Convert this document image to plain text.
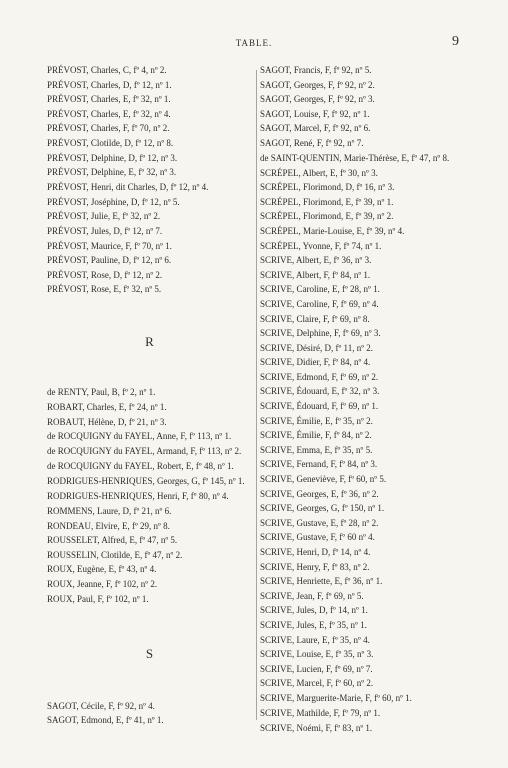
TABLE.	9
PRÉVOST, Charles, C, fº 4, nº 2.
PRÉVOST, Charles, D, fº 12, nº 1.
PRÉVOST, Charles, E, fº 32, nº 1.
PRÉVOST, Charles, E, fº 32, nº 4.
PRÉVOST, Charles, F, fº 70, nº 2.
PRÉVOST, Clotilde, D, fº 12, nº 8.
PRÉVOST, Delphine, D, fº 12, nº 3.
PRÉVOST, Delphine, E, fº 32, nº 3.
PRÉVOST, Henri, dit Charles, D, fº 12, nº 4.
PRÉVOST, Joséphine, D, fº 12, nº 5.
PRÉVOST, Julie, E, fº 32, nº 2.
PRÉVOST, Jules, D, fº 12, nº 7.
PRÉVOST, Maurice, F, fº 70, nº 1.
PRÉVOST, Pauline, D, fº 12, nº 6.
PRÉVOST, Rose, D, fº 12, nº 2.
PRÉVOST, Rose, E, fº 32, nº 5.
R
de RENTY, Paul, B, fº 2, nº 1.
ROBART, Charles, E, fº 24, nº 1.
ROBAUT, Hélène, D, fº 21, nº 3.
de ROCQUIGNY du FAYEL, Anne, F, fº 113, nº 1.
de ROCQUIGNY du FAYEL, Armand, F, fº 113, nº 2.
de ROCQUIGNY du FAYEL, Robert, E, fº 48, nº 1.
RODRIGUES-HENRIQUES, Georges, G, fº 145, nº 1.
RODRIGUES-HENRIQUES, Henri, F, fº 80, nº 4.
ROMMENS, Laure, D, fº 21, nº 6.
RONDEAU, Elvire, E, fº 29, nº 8.
ROUSSELET, Alfred, E, fº 47, nº 5.
ROUSSELIN, Clotilde, E, fº 47, nº 2.
ROUX, Eugène, E, fº 43, nº 4.
ROUX, Jeanne, F, fº 102, nº 2.
ROUX, Paul, F, fº 102, nº 1.
S
SAGOT, Cécile, F, fº 92, nº 4.
SAGOT, Edmond, E, fº 41, nº 1.
SAGOT, Francis, F, fº 92, nº 5.
SAGOT, Georges, F, fº 92, nº 2.
SAGOT, Georges, F, fº 92, nº 3.
SAGOT, Louise, F, fº 92, nº 1.
SAGOT, Marcel, F, fº 92, nº 6.
SAGOT, René, F, fº 92, nº 7.
de SAINT-QUENTIN, Marie-Thérèse, E, fº 47, nº 8.
SCRÉPEL, Albert, E, fº 30, nº 3.
SCRÉPEL, Florimond, D, fº 16, nº 3.
SCRÉPEL, Florimond, E, fº 39, nº 1.
SCRÉPEL, Florimond, E, fº 39, nº 2.
SCRÉPEL, Marie-Louise, E, fº 39, nº 4.
SCRÉPEL, Yvonne, F, fº 74, nº 1.
SCRIVE, Albert, E, fº 36, nº 3.
SCRIVE, Albert, F, fº 84, nº 1.
SCRIVE, Caroline, E, fº 28, nº 1.
SCRIVE, Caroline, F, fº 69, nº 4.
SCRIVE, Claire, F, fº 69, nº 8.
SCRIVE, Delphine, F, fº 69, nº 3.
SCRIVE, Désiré, D, fº 11, nº 2.
SCRIVE, Didier, F, fº 84, nº 4.
SCRIVE, Edmond, F, fº 69, nº 2.
SCRIVE, Édouard, E, fº 32, nº 3.
SCRIVE, Édouard, F, fº 69, nº 1.
SCRIVE, Émilie, E, fº 35, nº 2.
SCRIVE, Émilie, F, fº 84, nº 2.
SCRIVE, Emma, E, fº 35, nº 5.
SCRIVE, Fernand, F, fº 84, nº 3.
SCRIVE, Geneviève, F, fº 60, nº 5.
SCRIVE, Georges, E, fº 36, nº 2.
SCRIVE, Georges, G, fº 150, nº 1.
SCRIVE, Gustave, E, fº 28, nº 2.
SCRIVE, Gustave, F, fº 60 nº 4.
SCRIVE, Henri, D, fº 14, nº 4.
SCRIVE, Henry, F, fº 83, nº 2.
SCRIVE, Henriette, E, fº 36, nº 1.
SCRIVE, Jean, F, fº 69, nº 5.
SCRIVE, Jules, D, fº 14, nº 1.
SCRIVE, Jules, E, fº 35, nº 1.
SCRIVE, Laure, E, fº 35, nº 4.
SCRIVE, Louise, E, fº 35, nº 3.
SCRIVE, Lucien, F, fº 69, nº 7.
SCRIVE, Marcel, F, fº 60, nº 2.
SCRIVE, Marguerite-Marie, F, fº 60, nº 1.
SCRIVE, Mathilde, F, fº 79, nº 1.
SCRIVE, Noémi, F, fº 83, nº 1.
